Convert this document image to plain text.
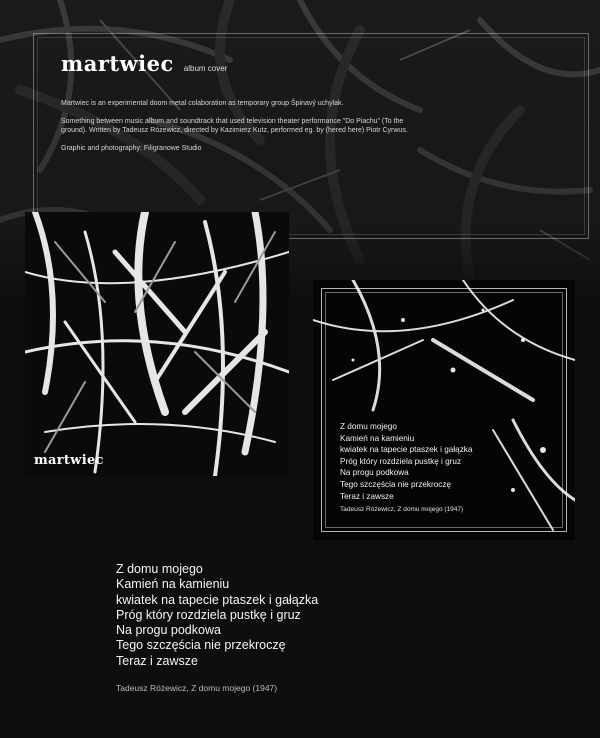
martwiec album cover

Martwiec is an experimental doom metal colaboration as temporary group Špinavý uchylak.

Something between music album and soundtrack that used television theater performance "Do Piachu" (To the ground). Written by Tadeusz Różewicz, directed by Kazimierz Kutz, performed eg. by (hered here) Piotr Cyrwus.

Graphic and photography: Filigranowe Studio

martwiec
Z domu mojego
Kamień na kamieniu
kwiatek na tapecie ptaszek i gałązka
Próg który rozdziela pustkę i gruz
Na progu podkowa
Tego szczęścia nie przekroczę
Teraz i zawsze
Tadeusz Różewicz, Z domu mojego (1947)
Z domu mojego
Kamień na kamieniu
kwiatek na tapecie ptaszek i gałązka
Próg który rozdziela pustkę i gruz
Na progu podkowa
Tego szczęścia nie przekroczę
Teraz i zawsze
Tadeusz Różewicz, Z domu mojego (1947)
